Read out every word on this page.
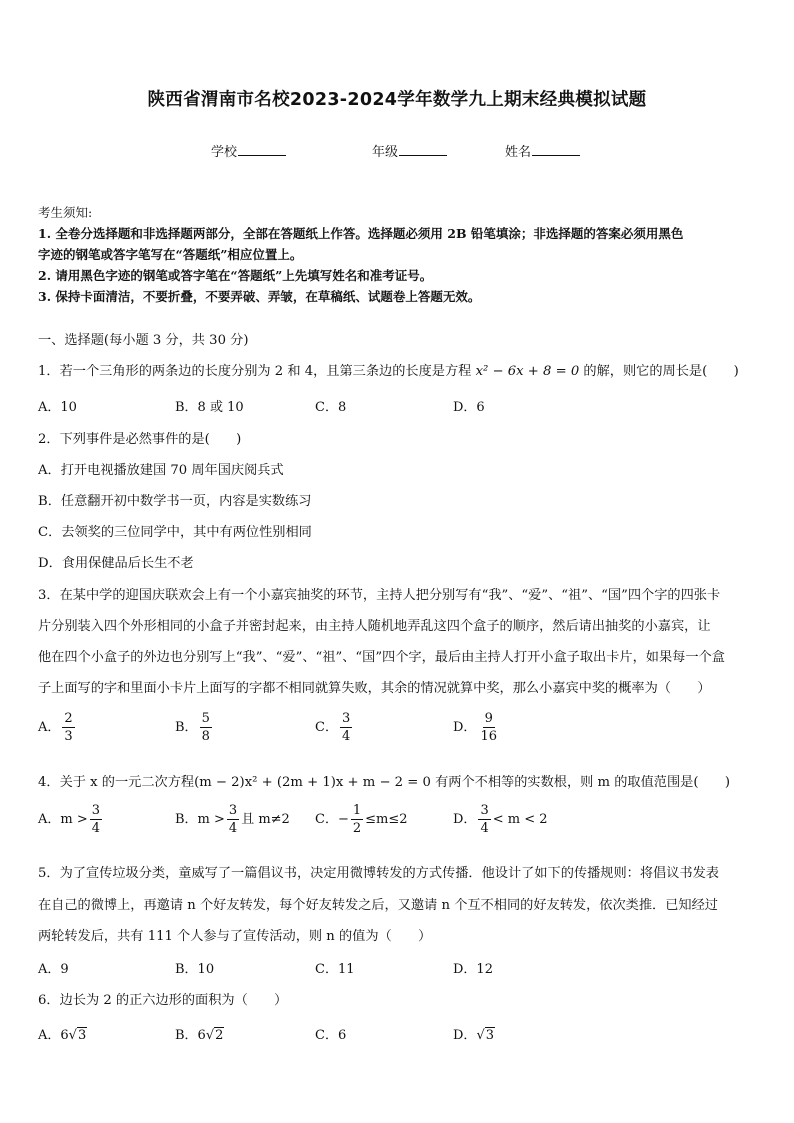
陕西省渭南市名校2023-2024学年数学九上期末经典模拟试题
学校	年级	姓名
考生须知:
1. 全卷分选择题和非选择题两部分，全部在答题纸上作答。选择题必须用 2B 铅笔填涂；非选择题的答案必须用黑色
字迹的钢笔或答字笔写在“答题纸”相应位置上。
2. 请用黑色字迹的钢笔或答字笔在“答题纸”上先填写姓名和准考证号。
3. 保持卡面清洁，不要折叠，不要弄破、弄皱，在草稿纸、试题卷上答题无效。
一、选择题(每小题 3 分，共 30 分)
1．若一个三角形的两条边的长度分别为 2 和 4，且第三条边的长度是方程 x² − 6x + 8 = 0 的解，则它的周长是(　　)
A．10	B．8 或 10	C．8	D．6
2．下列事件是必然事件的是(　　)
A．打开电视播放建国 70 周年国庆阅兵式
B．任意翻开初中数学书一页，内容是实数练习
C．去领奖的三位同学中，其中有两位性别相同
D．食用保健品后长生不老
3．在某中学的迎国庆联欢会上有一个小嘉宾抽奖的环节，主持人把分别写有“我”、“爱”、“祖”、“国”四个字的四张卡
片分别装入四个外形相同的小盒子并密封起来，由主持人随机地弄乱这四个盒子的顺序，然后请出抽奖的小嘉宾，让
他在四个小盒子的外边也分别写上“我”、“爱”、“祖”、“国”四个字，最后由主持人打开小盒子取出卡片，如果每一个盒
子上面写的字和里面小卡片上面写的字都不相同就算失败，其余的情况就算中奖，那么小嘉宾中奖的概率为（　　）
A． $\frac{2}{3}$	B． $\frac{5}{8}$	C． $\frac{3}{4}$	D． $\frac{9}{16}$
4．关于 x 的一元二次方程(m − 2)x² + (2m + 1)x + m − 2 = 0 有两个不相等的实数根，则 m 的取值范围是(　　)
A．$m > \frac{3}{4}$	B．$m > \frac{3}{4}$ 且 m≠2 C．− $\frac{1}{2} \le m\le 2$	D． $\frac{3}{4} < m < 2$
5．为了宣传垃圾分类，童威写了一篇倡议书，决定用微博转发的方式传播．他设计了如下的传播规则：将倡议书发表
在自己的微博上，再邀请 n 个好友转发，每个好友转发之后，又邀请 n 个互不相同的好友转发，依次类推．已知经过
两轮转发后，共有 111 个人参与了宣传活动，则 n 的值为（　　）
A．9	B．10	C．11	D．12
6．边长为 2 的正六边形的面积为（　　）
A．6√3	B．6√2	C．6	D．√3
